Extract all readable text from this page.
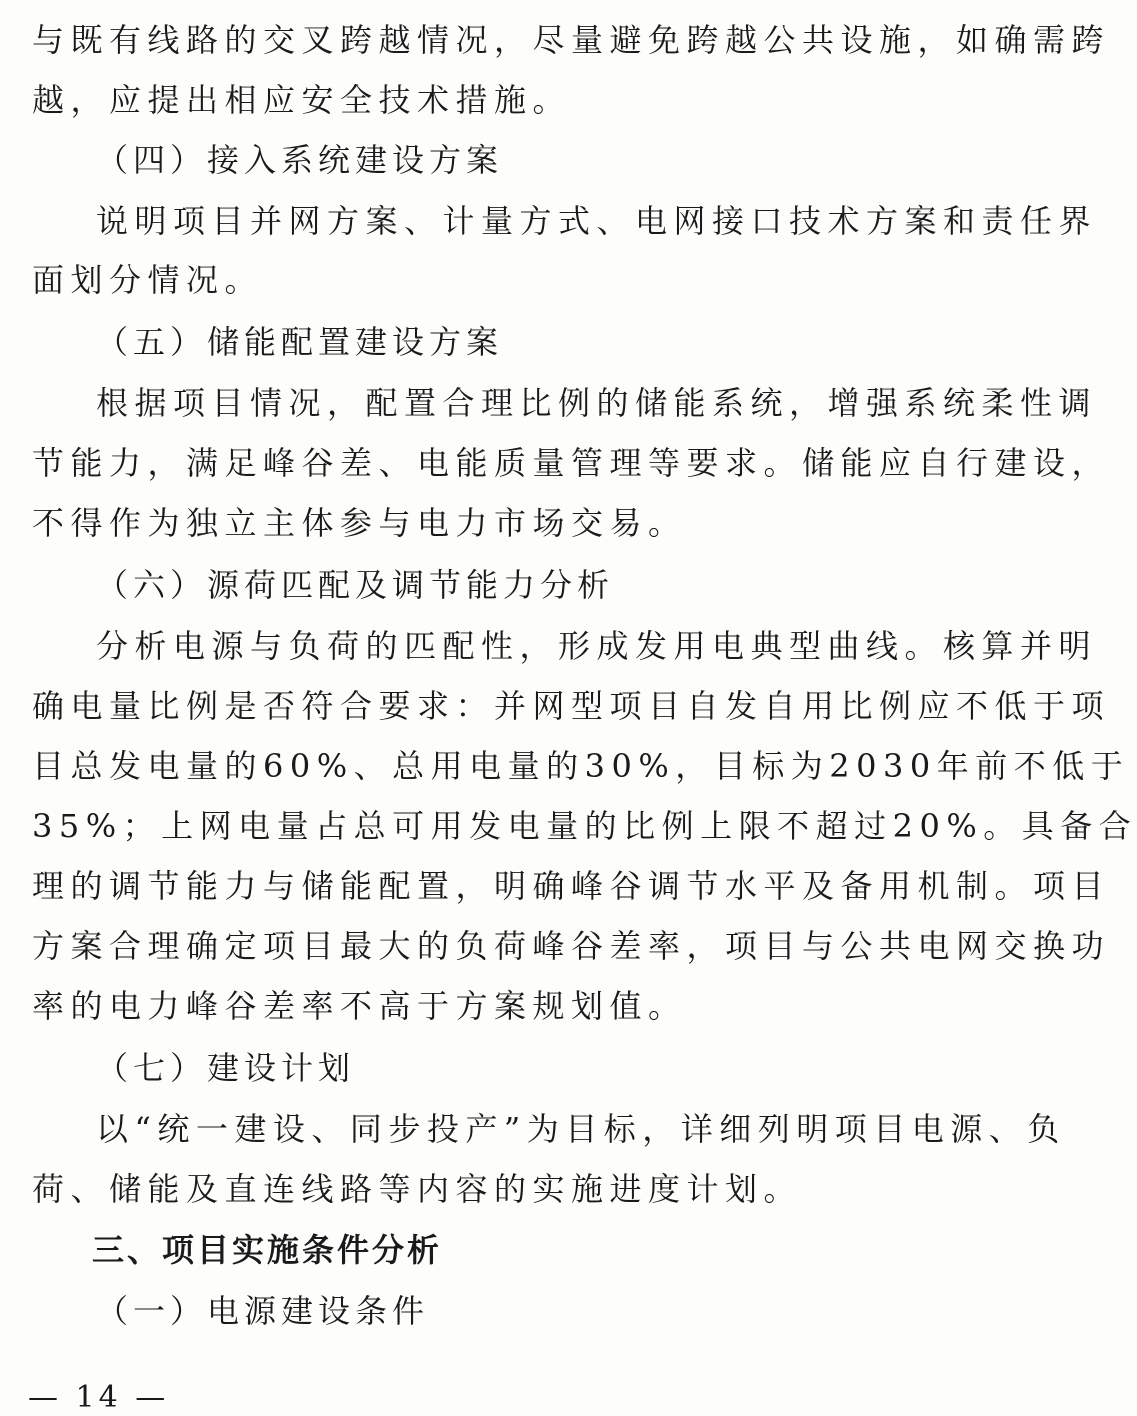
与既有线路的交叉跨越情况，尽量避免跨越公共设施，如确需跨
越，应提出相应安全技术措施。
（四）接入系统建设方案
说明项目并网方案、计量方式、电网接口技术方案和责任界
面划分情况。
（五）储能配置建设方案
根据项目情况，配置合理比例的储能系统，增强系统柔性调
节能力，满足峰谷差、电能质量管理等要求。储能应自行建设，
不得作为独立主体参与电力市场交易。
（六）源荷匹配及调节能力分析
分析电源与负荷的匹配性，形成发用电典型曲线。核算并明
确电量比例是否符合要求：并网型项目自发自用比例应不低于项
目总发电量的60%、总用电量的30%，目标为2030年前不低于
35%；上网电量占总可用发电量的比例上限不超过20%。具备合
理的调节能力与储能配置，明确峰谷调节水平及备用机制。项目
方案合理确定项目最大的负荷峰谷差率，项目与公共电网交换功
率的电力峰谷差率不高于方案规划值。
（七）建设计划
以“统一建设、同步投产”为目标，详细列明项目电源、负
荷、储能及直连线路等内容的实施进度计划。
三、项目实施条件分析
（一）电源建设条件
— 14 —
